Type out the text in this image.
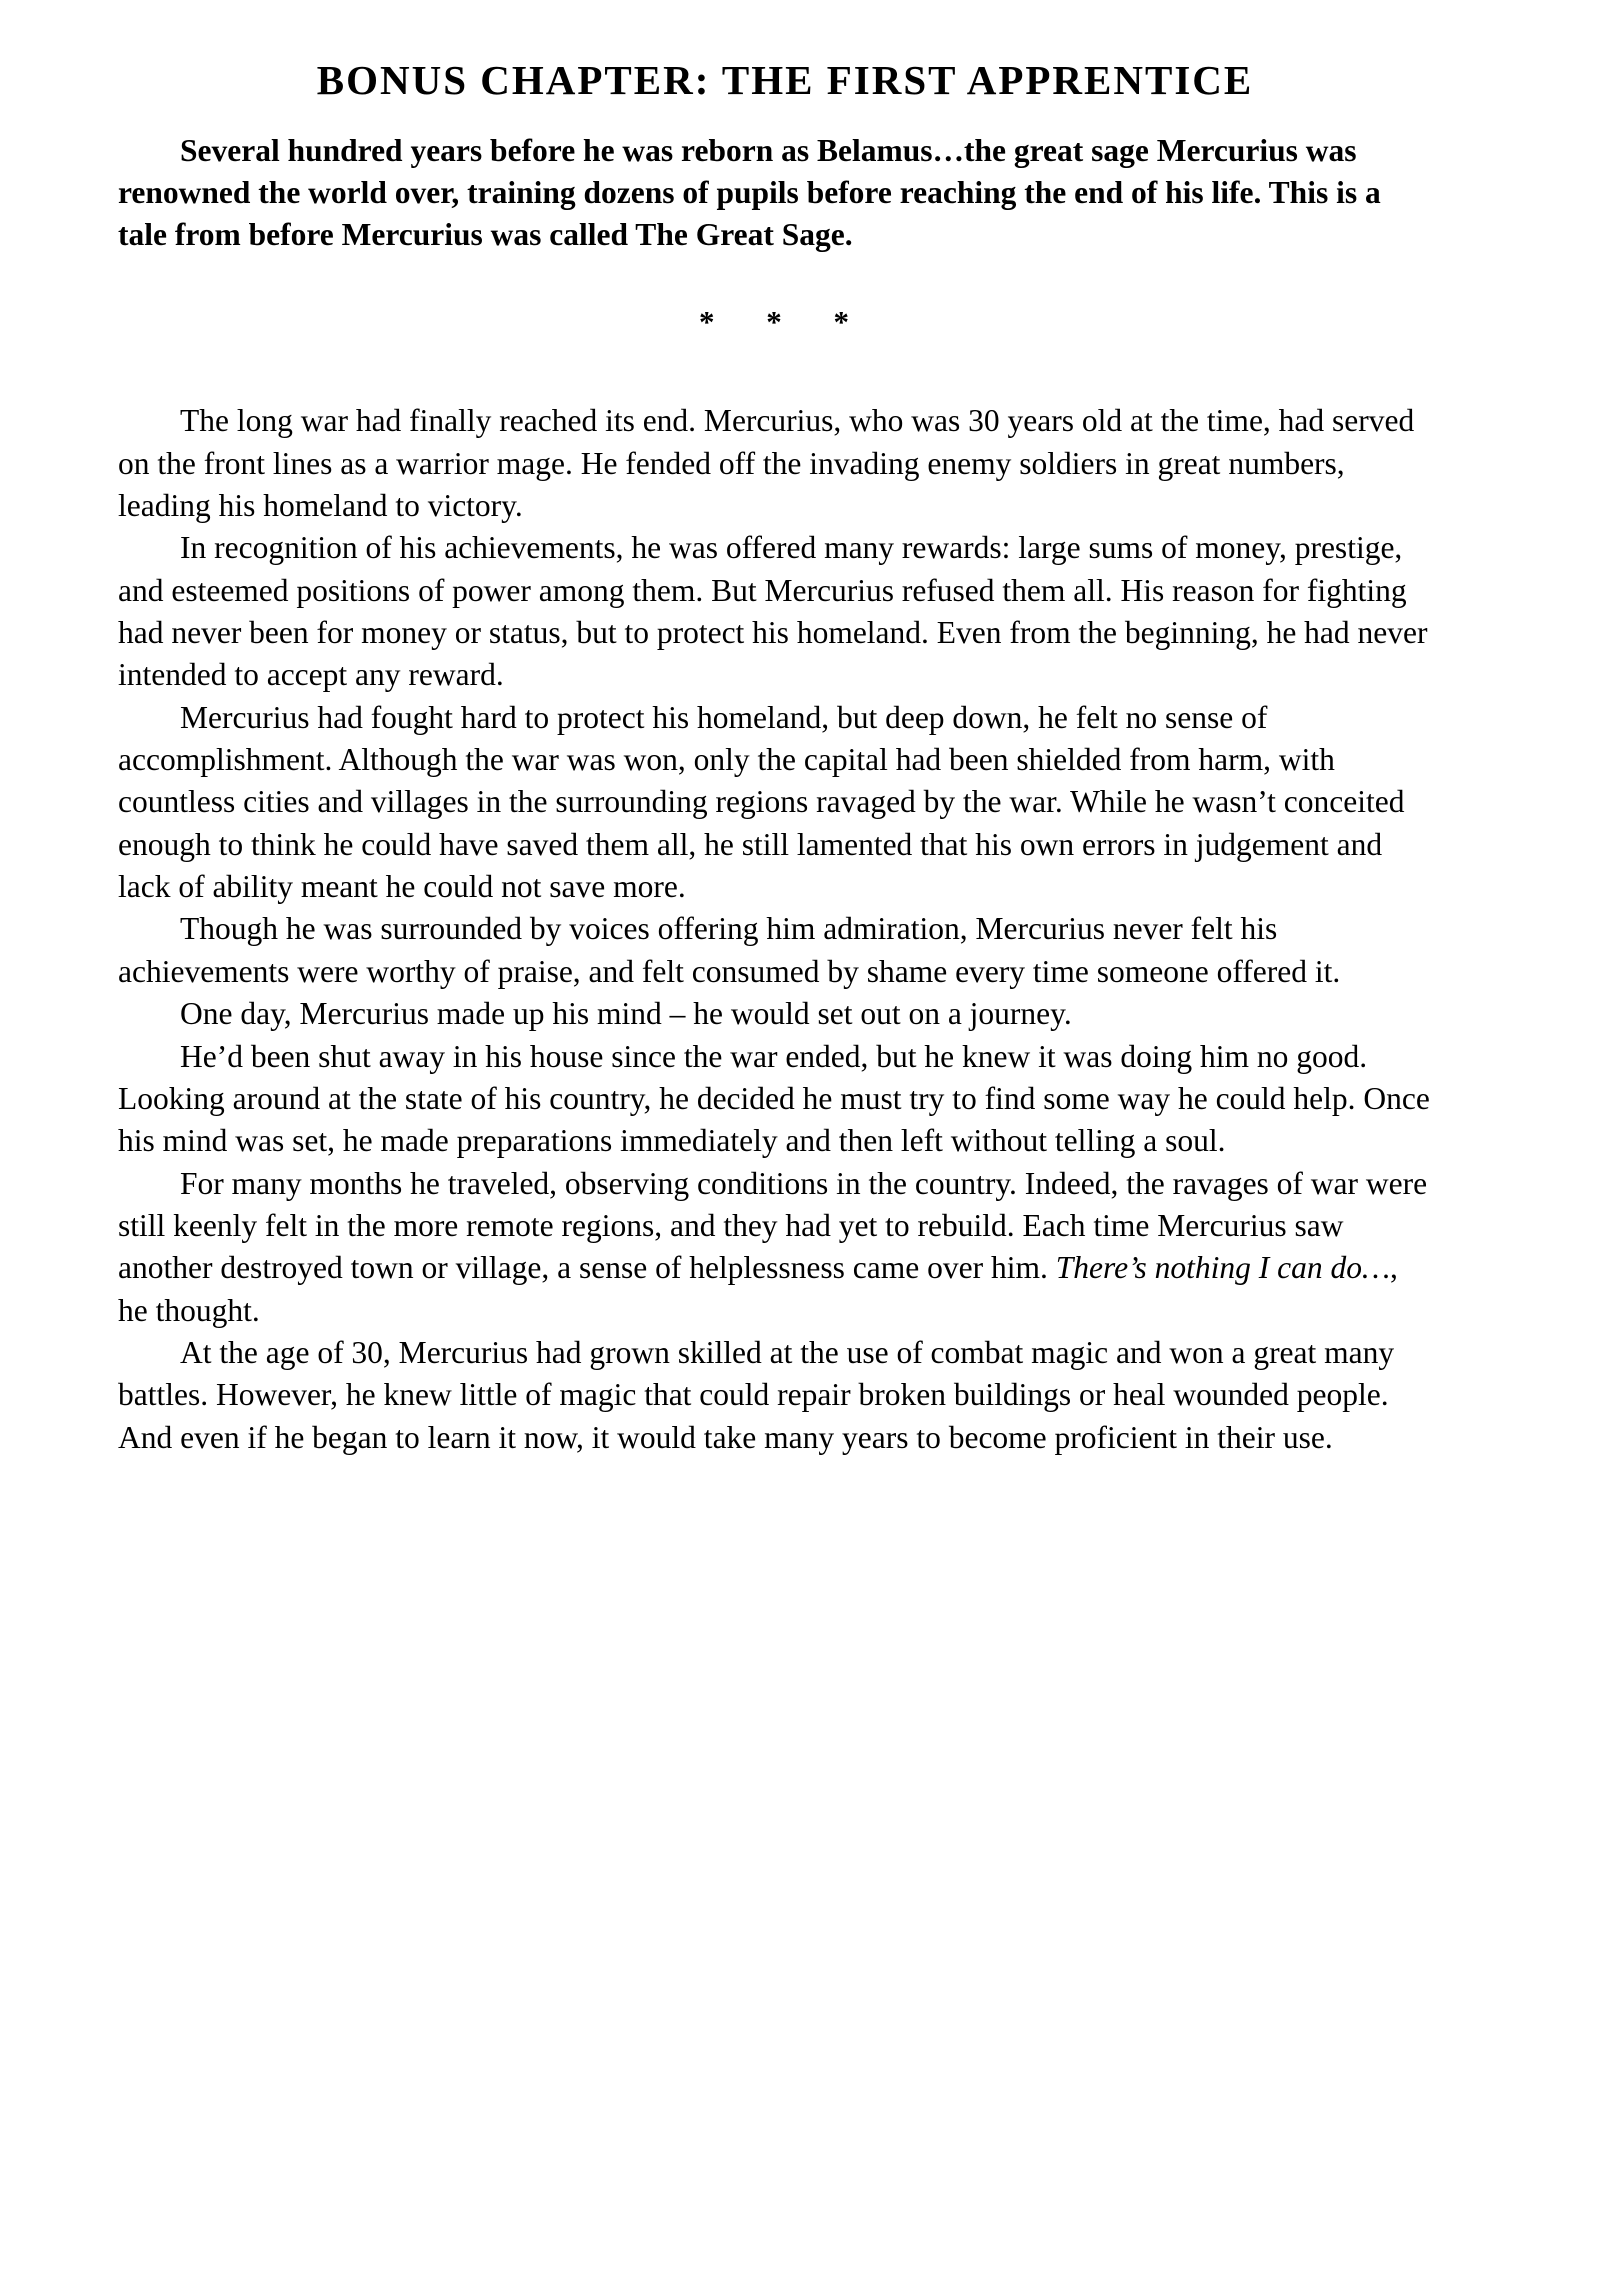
BONUS CHAPTER: THE FIRST APPRENTICE

Several hundred years before he was reborn as Belamus…the great sage Mercurius was renowned the world over, training dozens of pupils before reaching the end of his life. This is a tale from before Mercurius was called The Great Sage.

* * *

The long war had finally reached its end. Mercurius, who was 30 years old at the time, had served on the front lines as a warrior mage. He fended off the invading enemy soldiers in great numbers, leading his homeland to victory.

In recognition of his achievements, he was offered many rewards: large sums of money, prestige, and esteemed positions of power among them. But Mercurius refused them all. His reason for fighting had never been for money or status, but to protect his homeland. Even from the beginning, he had never intended to accept any reward.

Mercurius had fought hard to protect his homeland, but deep down, he felt no sense of accomplishment. Although the war was won, only the capital had been shielded from harm, with countless cities and villages in the surrounding regions ravaged by the war. While he wasn’t conceited enough to think he could have saved them all, he still lamented that his own errors in judgement and lack of ability meant he could not save more.

Though he was surrounded by voices offering him admiration, Mercurius never felt his achievements were worthy of praise, and felt consumed by shame every time someone offered it.

One day, Mercurius made up his mind – he would set out on a journey.

He’d been shut away in his house since the war ended, but he knew it was doing him no good. Looking around at the state of his country, he decided he must try to find some way he could help. Once his mind was set, he made preparations immediately and then left without telling a soul.

For many months he traveled, observing conditions in the country. Indeed, the ravages of war were still keenly felt in the more remote regions, and they had yet to rebuild. Each time Mercurius saw another destroyed town or village, a sense of helplessness came over him. There’s nothing I can do…, he thought.

At the age of 30, Mercurius had grown skilled at the use of combat magic and won a great many battles. However, he knew little of magic that could repair broken buildings or heal wounded people. And even if he began to learn it now, it would take many years to become proficient in their use.
